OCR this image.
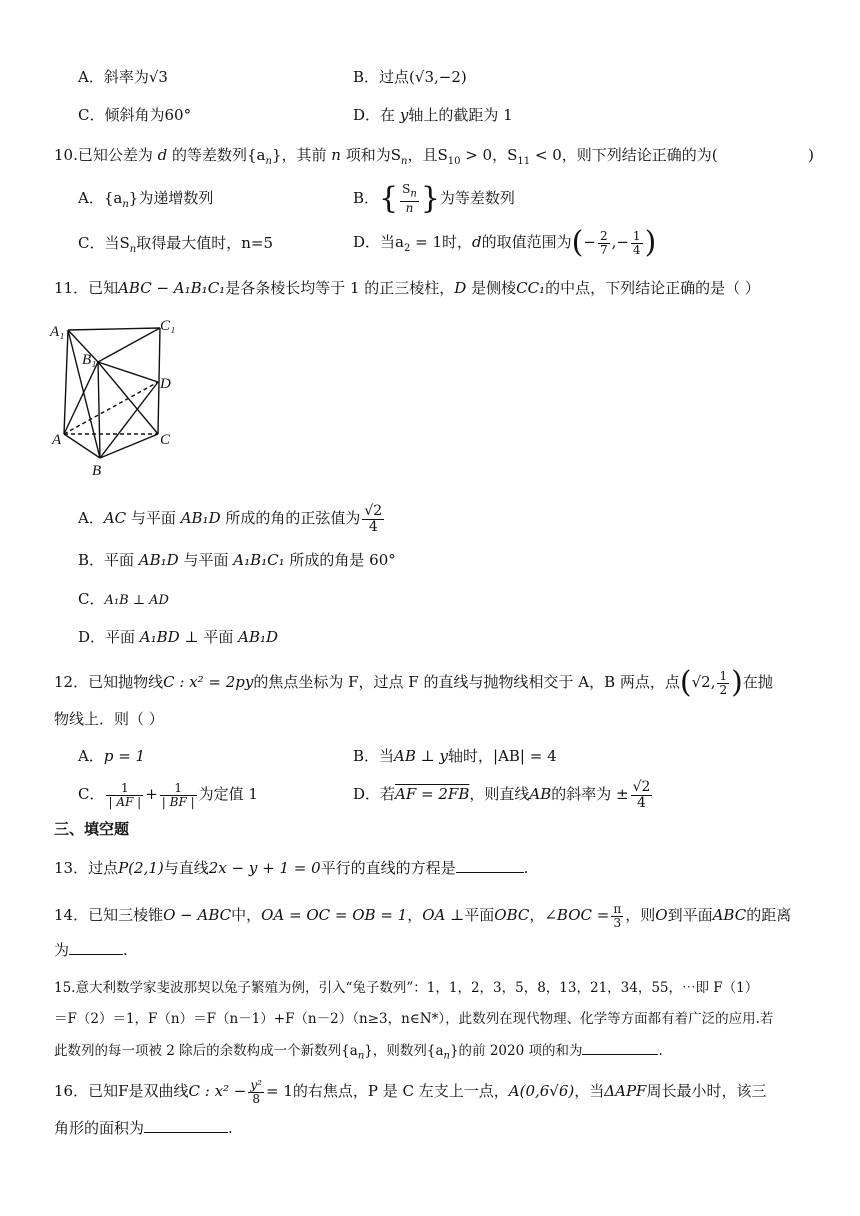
A．斜率为√3	B．过点(√3,−2)
C．倾斜角为60°	D．在 y轴上的截距为 1
10.已知公差为 d 的等差数列$\{a_n\}$，其前 n 项和为$S_n$，且$S_{10} > 0$，$S_{11} < 0$，则下列结论正确的为(	)
A．$\{a_n\}$为递增数列	B．{ $\frac{S_n}{n}$ }为等差数列
C．当$S_n$取得最大值时，n=5	D．当$a_2 = 1$时，d的取值范围为(− $\frac{2}{7}$ ,− $\frac{1}{4}$ )
11．已知ABC − A₁B₁C₁是各条棱长均等于 1 的正三棱柱，D 是侧棱CC₁的中点，下列结论正确的是（ ）
A₁	C₁
B₁
D
A	C
B
A．AC 与平面 AB₁D 所成的角的正弦值为 $\frac{√2}{4}$
B．平面 AB₁D 与平面 A₁B₁C₁ 所成的角是 60°
C．A₁B ⊥ AD
D．平面 A₁BD ⊥ 平面 AB₁D
12．已知抛物线C : x² = 2py的焦点坐标为 F，过点 F 的直线与抛物线相交于 A，B 两点，点(√2, $\frac{1}{2}$ )在抛
物线上．则（ ）
A．p = 1	B．当AB ⊥ y轴时，|AB| = 4
C． $\frac{1}{| AF |} + \frac{1}{| BF |}$ 为定值 1	D．若AF = 2FB，则直线AB的斜率为 ± $\frac{√2}{4}$
三、填空题
13．过点P(2,1)与直线2x − y + 1 = 0平行的直线的方程是	.
14．已知三棱锥O − ABC中，OA = OC = OB = 1，OA ⊥平面OBC，∠BOC = $\frac{\pi}{3}$ ，则O到平面ABC的距离
为	.
15.意大利数学家斐波那契以兔子繁殖为例，引入“兔子数列”：1，1，2，3，5，8，13，21，34，55，⋯即 F（1）
＝F（2）＝1，F（n）＝F（n－1）+F（n－2）（n≥3，n∈N*），此数列在现代物理、化学等方面都有着广泛的应用.若
此数列的每一项被 2 除后的余数构成一个新数列$\{a_n\}$，则数列$\{a_n\}$的前 2020 项的和为	.
16．已知F是双曲线C : $x^2 - \frac{\text{y²}}{8} = 1$的右焦点，P 是 C 左支上一点，A(0,6√6)，当ΔAPF周长最小时，该三
角形的面积为	.
